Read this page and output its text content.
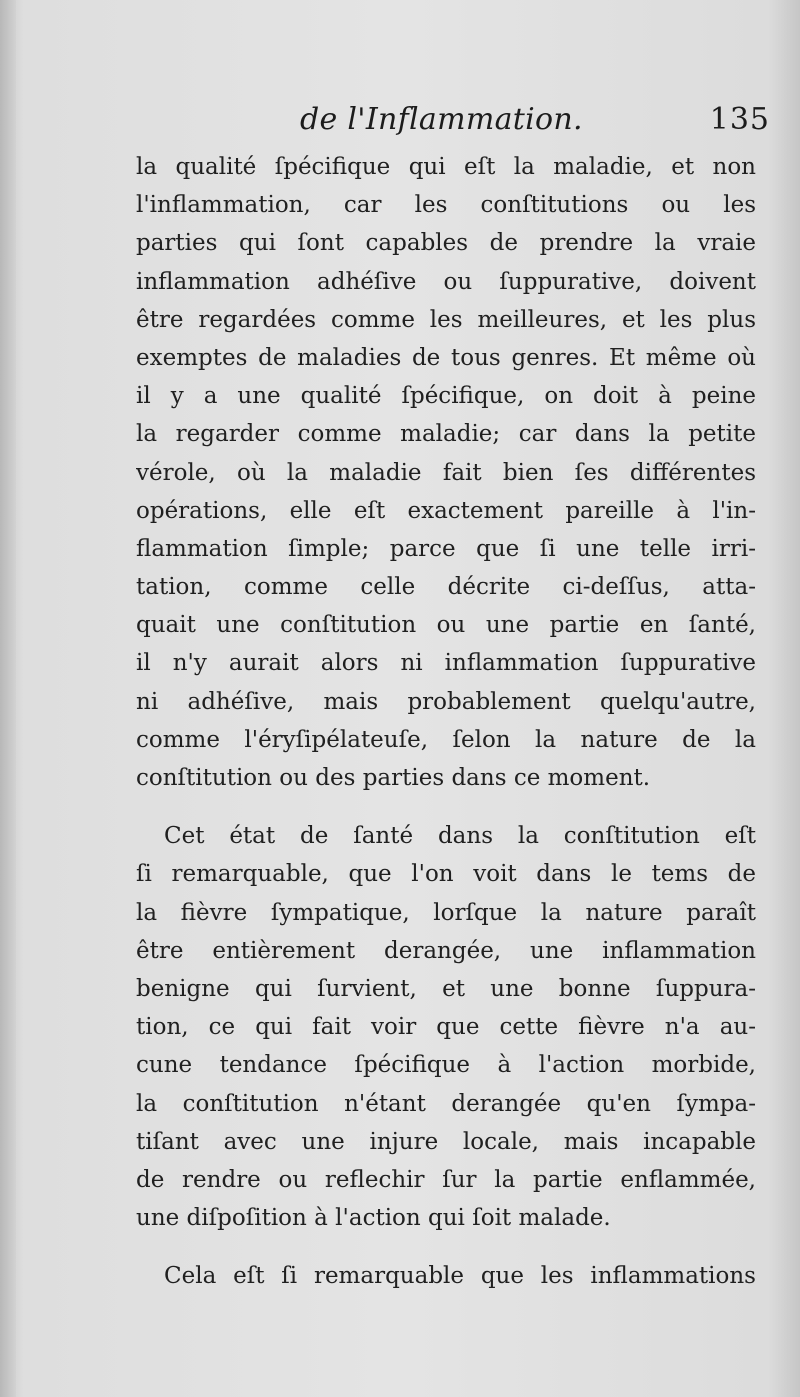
de l'Inflammation.	135
la qualité ſpécifique qui eſt la maladie, et non
l'inflammation, car les conſtitutions ou les
parties qui ſont capables de prendre la vraie
inflammation adhéſive ou ſuppurative, doivent
être regardées comme les meilleures, et les plus
exemptes de maladies de tous genres. Et même où
il y a une qualité ſpécifique, on doit à peine
la regarder comme maladie; car dans la petite
vérole, où la maladie fait bien ſes différentes
opérations, elle eſt exactement pareille à l'in-
flammation ſimple; parce que ſi une telle irri-
tation, comme celle décrite ci-deſſus, atta-
quait une conſtitution ou une partie en ſanté,
il n'y aurait alors ni inflammation ſuppurative
ni adhéſive, mais probablement quelqu'autre,
comme l'éryſipélateuſe, ſelon la nature de la
conſtitution ou des parties dans ce moment.
Cet état de ſanté dans la conſtitution eſt
ſi remarquable, que l'on voit dans le tems de
la fièvre ſympatique, lorſque la nature paraît
être entièrement derangée, une inflammation
benigne qui ſurvient, et une bonne ſuppura-
tion, ce qui fait voir que cette fièvre n'a au-
cune tendance ſpécifique à l'action morbide,
la conſtitution n'étant derangée qu'en ſympa-
tiſant avec une injure locale, mais incapable
de rendre ou reflechir ſur la partie enflammée,
une diſpoſition à l'action qui ſoit malade.
Cela eſt ſi remarquable que les inflammations
